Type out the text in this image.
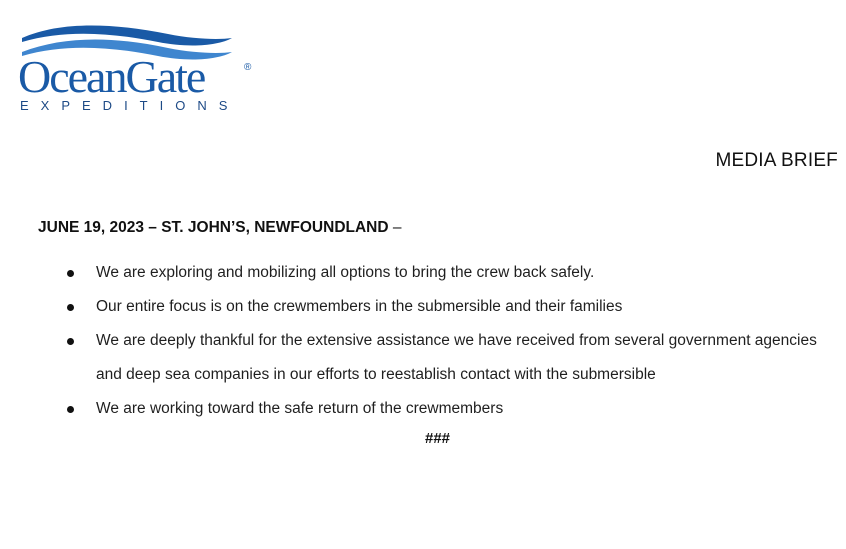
OceanGate	®
EXPEDITIONS
MEDIA BRIEF
JUNE 19, 2023 – ST. JOHN’S, NEWFOUNDLAND –
We are exploring and mobilizing all options to bring the crew back safely.
Our entire focus is on the crewmembers in the submersible and their families
We are deeply thankful for the extensive assistance we have received from several government agencies and deep sea companies in our efforts to reestablish contact with the submersible
We are working toward the safe return of the crewmembers
###
